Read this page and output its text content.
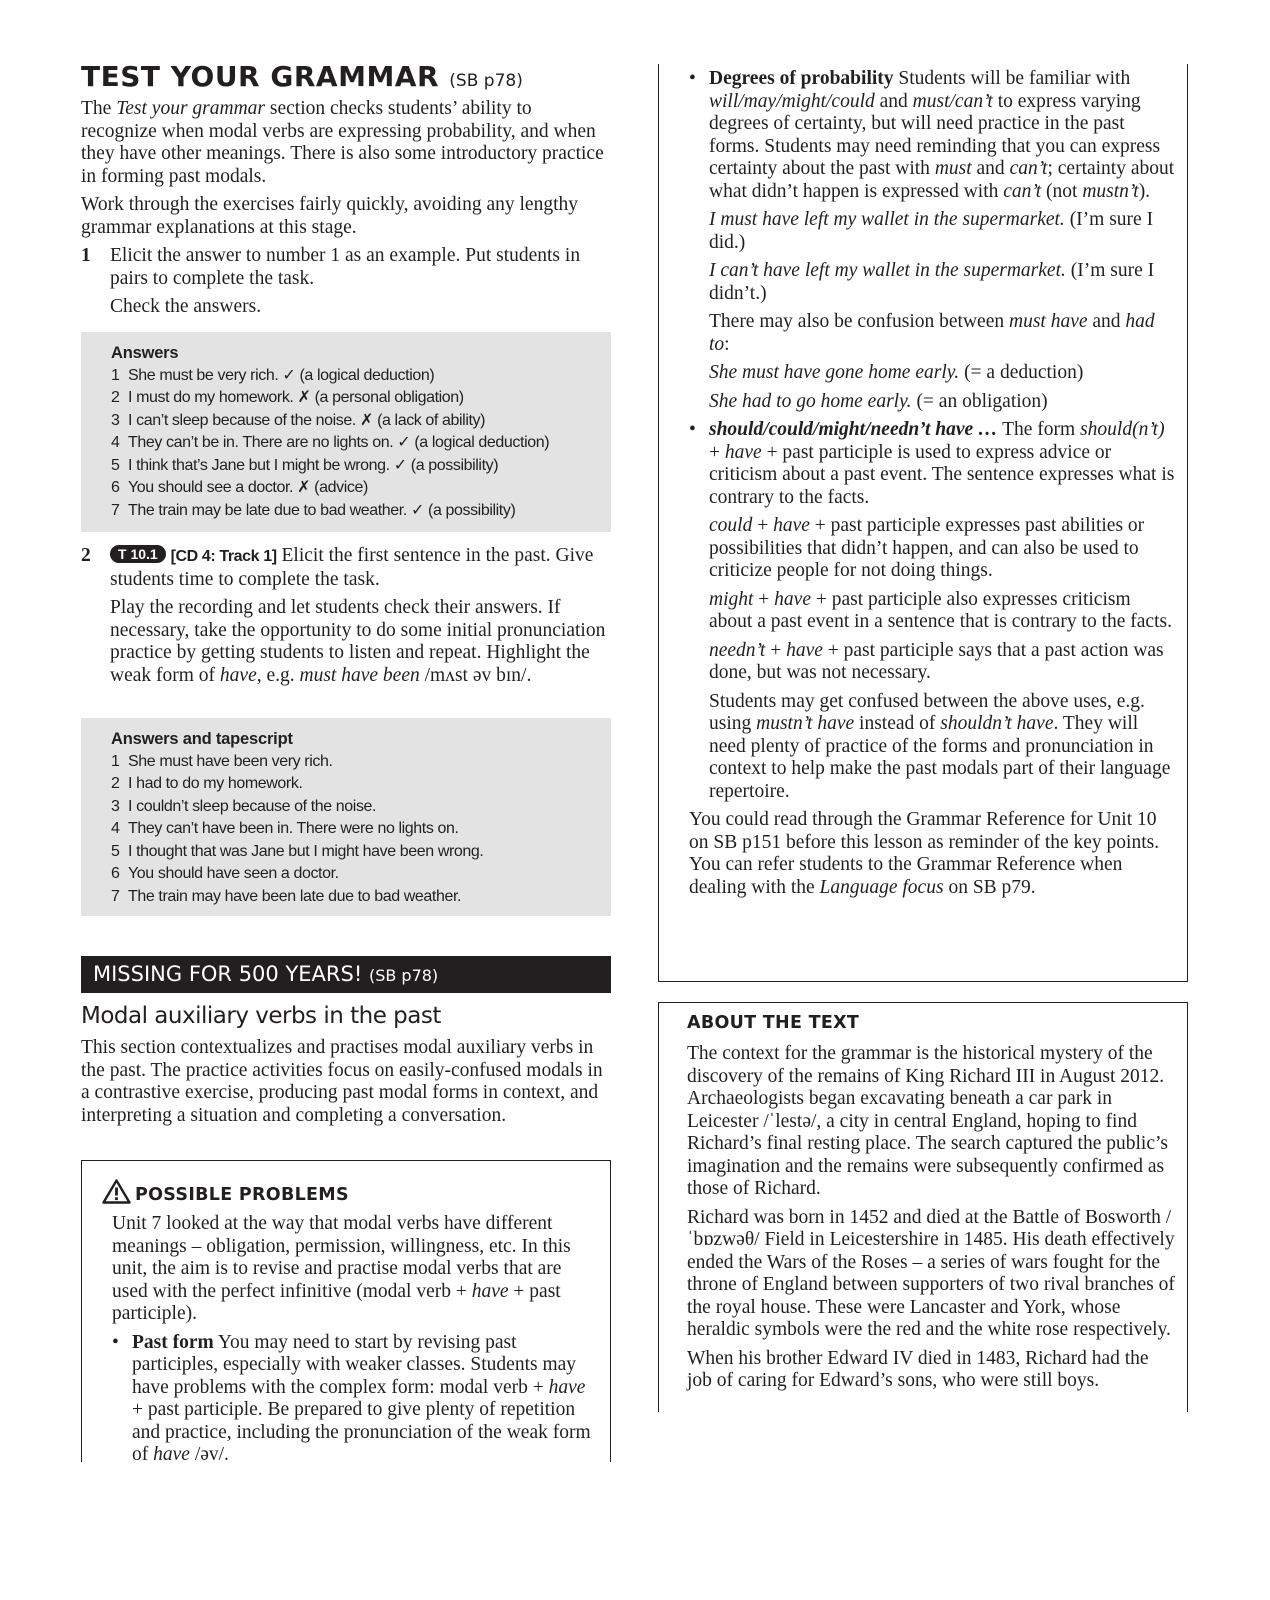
TEST YOUR GRAMMAR (SB p78)

The Test your grammar section checks students’ ability to recognize when modal verbs are expressing probability, and when they have other meanings. There is also some introductory practice in forming past modals.

Work through the exercises fairly quickly, avoiding any lengthy grammar explanations at this stage.

1 Elicit the answer to number 1 as an example. Put students in pairs to complete the task.

Check the answers.

Answers
1 She must be very rich. ✓ (a logical deduction)
2 I must do my homework. ✗ (a personal obligation)
3 I can’t sleep because of the noise. ✗ (a lack of ability)
4 They can’t be in. There are no lights on. ✓ (a logical deduction)
5 I think that’s Jane but I might be wrong. ✓ (a possibility)
6 You should see a doctor. ✗ (advice)
7 The train may be late due to bad weather. ✓ (a possibility)
2	T 10.1 [CD 4: Track 1] Elicit the first sentence in the past. Give students time to complete the task.

Play the recording and let students check their answers. If necessary, take the opportunity to do some initial pronunciation practice by getting students to listen and repeat. Highlight the weak form of have, e.g. must have been /mʌst əv bɪn/.

Answers and tapescript
1 She must have been very rich.
2 I had to do my homework.
3 I couldn’t sleep because of the noise.
4 They can’t have been in. There were no lights on.
5 I thought that was Jane but I might have been wrong.
6 You should have seen a doctor.
7 The train may have been late due to bad weather.
MISSING FOR 500 YEARS! (SB p78)
Modal auxiliary verbs in the past
This section contextualizes and practises modal auxiliary verbs in the past. The practice activities focus on easily-confused modals in a contrastive exercise, producing past modal forms in context, and interpreting a situation and completing a conversation.
POSSIBLE PROBLEMS

Unit 7 looked at the way that modal verbs have different meanings – obligation, permission, willingness, etc. In this unit, the aim is to revise and practise modal verbs that are used with the perfect infinitive (modal verb + have + past participle).

• Past form You may need to start by revising past participles, especially with weaker classes. Students may have problems with the complex form: modal verb + have + past participle. Be prepared to give plenty of repetition and practice, including the pronunciation of the weak form of have /əv/.

• Degrees of probability Students will be familiar with will/may/might/could and must/can’t to express varying degrees of certainty, but will need practice in the past forms. Students may need reminding that you can express certainty about the past with must and can’t; certainty about what didn’t happen is expressed with can’t (not mustn’t).

I must have left my wallet in the supermarket. (I’m sure I did.)

I can’t have left my wallet in the supermarket. (I’m sure I didn’t.)

There may also be confusion between must have and had to:

She must have gone home early. (= a deduction)

She had to go home early. (= an obligation)

• should/could/might/needn’t have … The form should(n’t) + have + past participle is used to express advice or criticism about a past event. The sentence expresses what is contrary to the facts.

could + have + past participle expresses past abilities or possibilities that didn’t happen, and can also be used to criticize people for not doing things.

might + have + past participle also expresses criticism about a past event in a sentence that is contrary to the facts.

needn’t + have + past participle says that a past action was done, but was not necessary.

Students may get confused between the above uses, e.g. using mustn’t have instead of shouldn’t have. They will need plenty of practice of the forms and pronunciation in context to help make the past modals part of their language repertoire.

You could read through the Grammar Reference for Unit 10 on SB p151 before this lesson as reminder of the key points. You can refer students to the Grammar Reference when dealing with the Language focus on SB p79.

ABOUT THE TEXT

The context for the grammar is the historical mystery of the discovery of the remains of King Richard III in August 2012. Archaeologists began excavating beneath a car park in Leicester /ˈlestə/, a city in central England, hoping to find Richard’s final resting place. The search captured the public’s imagination and the remains were subsequently confirmed as those of Richard.

Richard was born in 1452 and died at the Battle of Bosworth /ˈbɒzwəθ/ Field in Leicestershire in 1485. His death effectively ended the Wars of the Roses – a series of wars fought for the throne of England between supporters of two rival branches of the royal house. These were Lancaster and York, whose heraldic symbols were the red and the white rose respectively.

When his brother Edward IV died in 1483, Richard had the job of caring for Edward’s sons, who were still boys.
